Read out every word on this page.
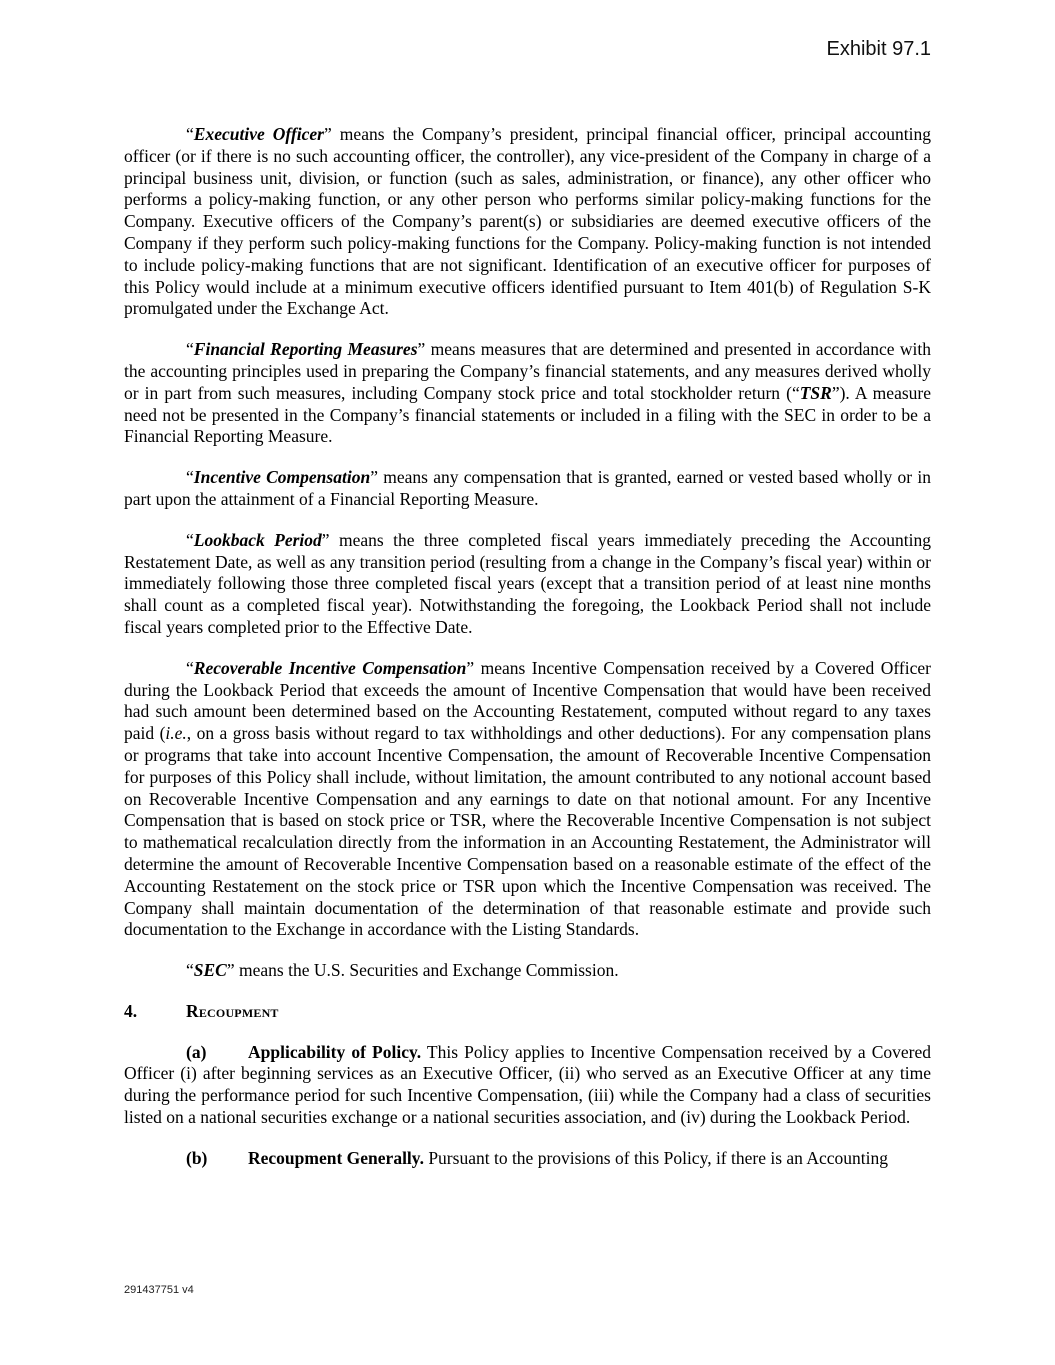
Exhibit 97.1

“Executive Officer” means the Company’s president, principal financial officer, principal accounting officer (or if there is no such accounting officer, the controller), any vice-president of the Company in charge of a principal business unit, division, or function (such as sales, administration, or finance), any other officer who performs a policy-making function, or any other person who performs similar policy-making functions for the Company. Executive officers of the Company’s parent(s) or subsidiaries are deemed executive officers of the Company if they perform such policy-making functions for the Company. Policy-making function is not intended to include policy-making functions that are not significant. Identification of an executive officer for purposes of this Policy would include at a minimum executive officers identified pursuant to Item 401(b) of Regulation S-K promulgated under the Exchange Act.

“Financial Reporting Measures” means measures that are determined and presented in accordance with the accounting principles used in preparing the Company’s financial statements, and any measures derived wholly or in part from such measures, including Company stock price and total stockholder return (“TSR”). A measure need not be presented in the Company’s financial statements or included in a filing with the SEC in order to be a Financial Reporting Measure.

“Incentive Compensation” means any compensation that is granted, earned or vested based wholly or in part upon the attainment of a Financial Reporting Measure.

“Lookback Period” means the three completed fiscal years immediately preceding the Accounting Restatement Date, as well as any transition period (resulting from a change in the Company’s fiscal year) within or immediately following those three completed fiscal years (except that a transition period of at least nine months shall count as a completed fiscal year). Notwithstanding the foregoing, the Lookback Period shall not include fiscal years completed prior to the Effective Date.

“Recoverable Incentive Compensation” means Incentive Compensation received by a Covered Officer during the Lookback Period that exceeds the amount of Incentive Compensation that would have been received had such amount been determined based on the Accounting Restatement, computed without regard to any taxes paid (i.e., on a gross basis without regard to tax withholdings and other deductions). For any compensation plans or programs that take into account Incentive Compensation, the amount of Recoverable Incentive Compensation for purposes of this Policy shall include, without limitation, the amount contributed to any notional account based on Recoverable Incentive Compensation and any earnings to date on that notional amount. For any Incentive Compensation that is based on stock price or TSR, where the Recoverable Incentive Compensation is not subject to mathematical recalculation directly from the information in an Accounting Restatement, the Administrator will determine the amount of Recoverable Incentive Compensation based on a reasonable estimate of the effect of the Accounting Restatement on the stock price or TSR upon which the Incentive Compensation was received. The Company shall maintain documentation of the determination of that reasonable estimate and provide such documentation to the Exchange in accordance with the Listing Standards.

“SEC” means the U.S. Securities and Exchange Commission.

4.	Recoupment

(a) Applicability of Policy. This Policy applies to Incentive Compensation received by a Covered Officer (i) after beginning services as an Executive Officer, (ii) who served as an Executive Officer at any time during the performance period for such Incentive Compensation, (iii) while the Company had a class of securities listed on a national securities exchange or a national securities association, and (iv) during the Lookback Period.

(b) Recoupment Generally. Pursuant to the provisions of this Policy, if there is an Accounting

291437751 v4
